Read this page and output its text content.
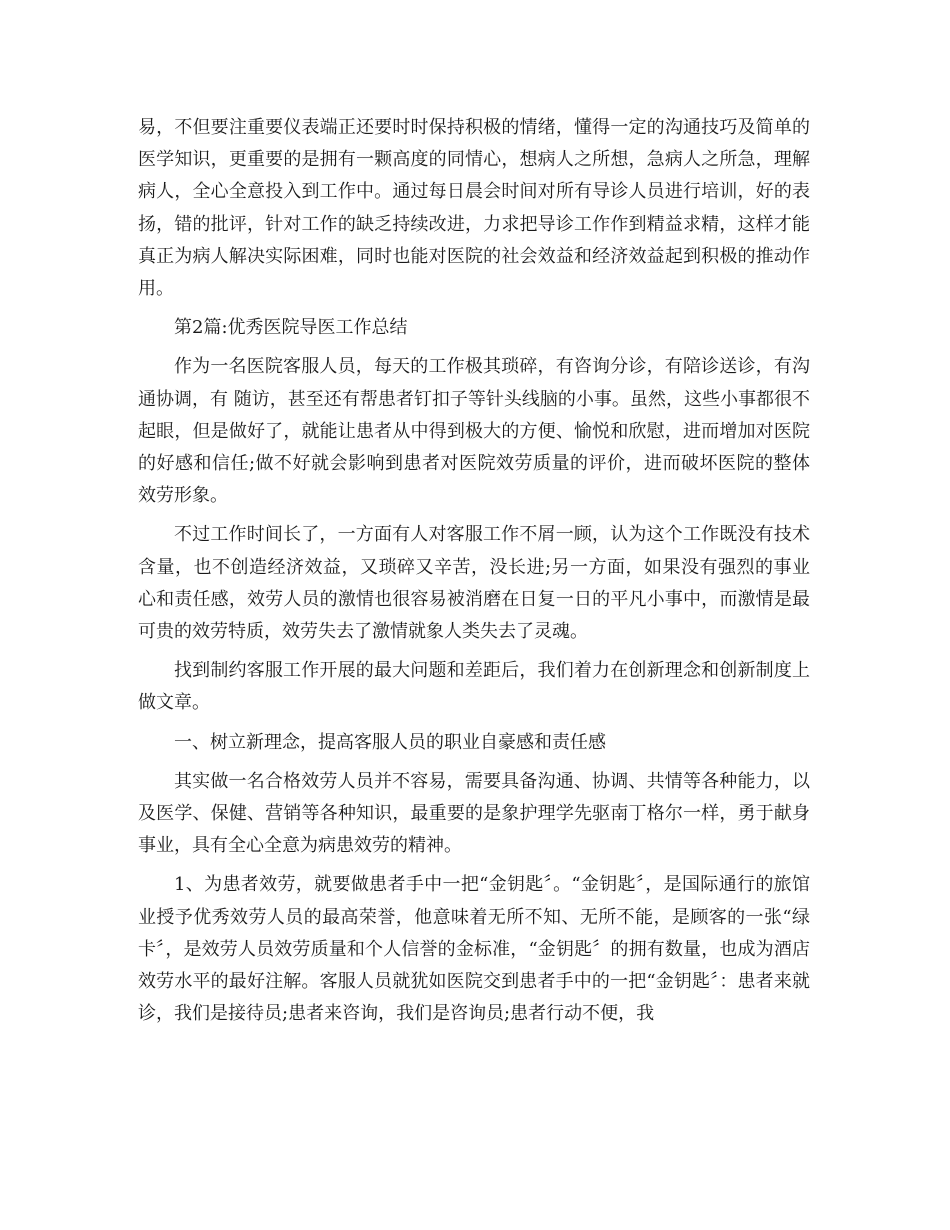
易，不但要注重要仪表端正还要时时保持积极的情绪，懂得一定的沟通技巧及简单的医学知识，更重要的是拥有一颗高度的同情心，想病人之所想，急病人之所急，理解病人，全心全意投入到工作中。通过每日晨会时间对所有导诊人员进行培训，好的表扬，错的批评，针对工作的缺乏持续改进，力求把导诊工作作到精益求精，这样才能真正为病人解决实际困难，同时也能对医院的社会效益和经济效益起到积极的推动作用。

第2篇:优秀医院导医工作总结

作为一名医院客服人员，每天的工作极其琐碎，有咨询分诊，有陪诊送诊，有沟通协调，有 随访，甚至还有帮患者钉扣子等针头线脑的小事。虽然，这些小事都很不起眼，但是做好了，就能让患者从中得到极大的方便、愉悦和欣慰，进而增加对医院的好感和信任;做不好就会影响到患者对医院效劳质量的评价，进而破坏医院的整体效劳形象。

不过工作时间长了，一方面有人对客服工作不屑一顾，认为这个工作既没有技术含量，也不创造经济效益，又琐碎又辛苦，没长进;另一方面，如果没有强烈的事业心和责任感，效劳人员的激情也很容易被消磨在日复一日的平凡小事中，而激情是最可贵的效劳特质，效劳失去了激情就象人类失去了灵魂。

找到制约客服工作开展的最大问题和差距后，我们着力在创新理念和创新制度上做文章。

一、树立新理念，提高客服人员的职业自豪感和责任感

其实做一名合格效劳人员并不容易，需要具备沟通、协调、共情等各种能力，以及医学、保健、营销等各种知识，最重要的是象护理学先驱南丁格尔一样，勇于献身事业，具有全心全意为病患效劳的精神。

1、为患者效劳，就要做患者手中一把“金钥匙〞。“金钥匙〞，是国际通行的旅馆业授予优秀效劳人员的最高荣誉，他意味着无所不知、无所不能，是顾客的一张“绿卡〞，是效劳人员效劳质量和个人信誉的金标准，“金钥匙〞的拥有数量，也成为酒店效劳水平的最好注解。客服人员就犹如医院交到患者手中的一把“金钥匙〞：患者来就诊，我们是接待员;患者来咨询，我们是咨询员;患者行动不便，我
